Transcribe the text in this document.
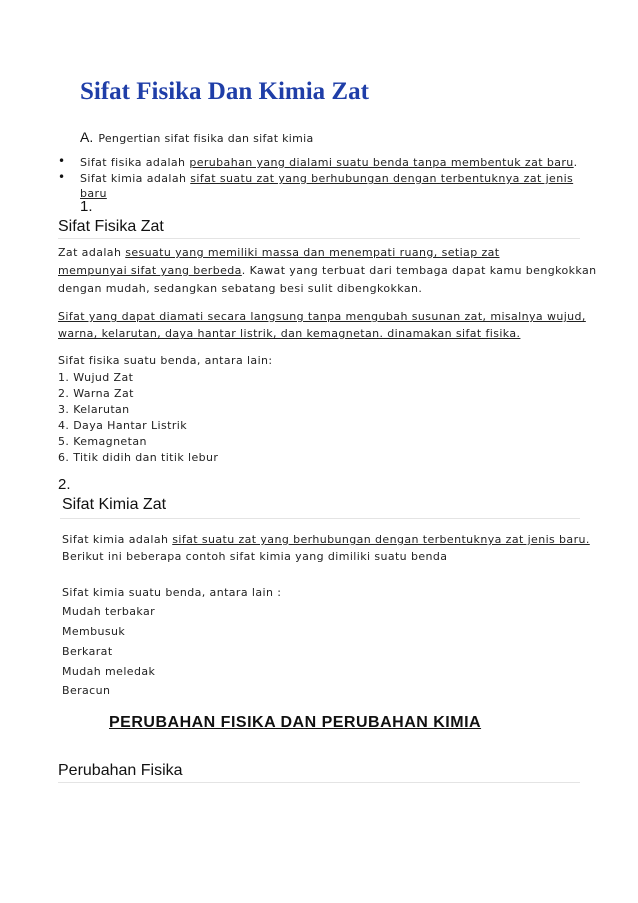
Sifat Fisika Dan Kimia Zat
A. Pengertian sifat fisika dan sifat kimia
• Sifat fisika adalah perubahan yang dialami suatu benda tanpa membentuk zat baru.
• Sifat kimia adalah sifat suatu zat yang berhubungan dengan terbentuknya zat jenis
baru
1.
Sifat Fisika Zat
Zat adalah sesuatu yang memiliki massa dan menempati ruang, setiap zat
mempunyai sifat yang berbeda. Kawat yang terbuat dari tembaga dapat kamu bengkokkan
dengan mudah, sedangkan sebatang besi sulit dibengkokkan.
Sifat yang dapat diamati secara langsung tanpa mengubah susunan zat, misalnya wujud,
warna, kelarutan, daya hantar listrik, dan kemagnetan. dinamakan sifat fisika.
Sifat fisika suatu benda, antara lain:
1. Wujud Zat
2. Warna Zat
3. Kelarutan
4. Daya Hantar Listrik
5. Kemagnetan
6. Titik didih dan titik lebur
2.
Sifat Kimia Zat
Sifat kimia adalah sifat suatu zat yang berhubungan dengan terbentuknya zat jenis baru.
Berikut ini beberapa contoh sifat kimia yang dimiliki suatu benda
Sifat kimia suatu benda, antara lain :
Mudah terbakar
Membusuk
Berkarat
Mudah meledak
Beracun
PERUBAHAN FISIKA DAN PERUBAHAN KIMIA
Perubahan Fisika
